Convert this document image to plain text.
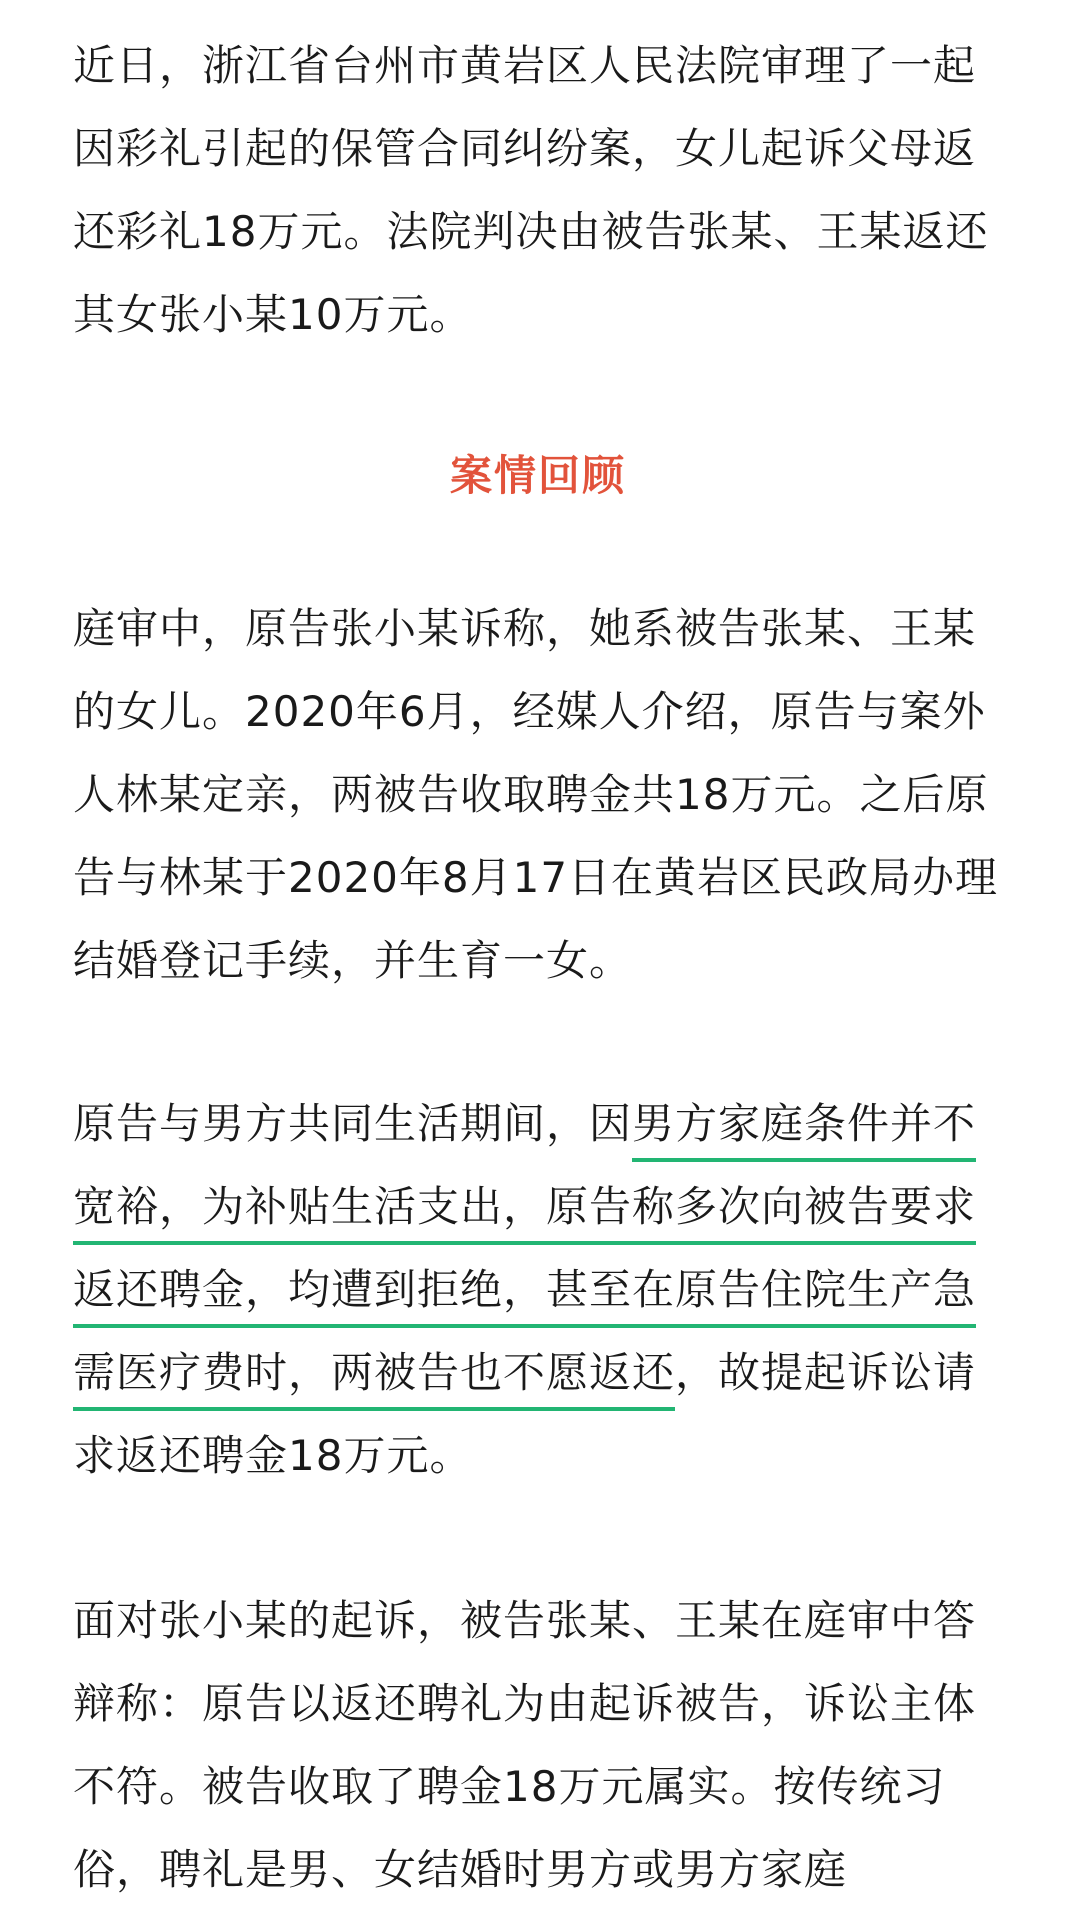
近日，浙江省台州市黄岩区人民法院审理了一起因彩礼引起的保管合同纠纷案，女儿起诉父母返还彩礼18万元。法院判决由被告张某、王某返还其女张小某10万元。

案情回顾

庭审中，原告张小某诉称，她系被告张某、王某的女儿。2020年6月，经媒人介绍，原告与案外人林某定亲，两被告收取聘金共18万元。之后原告与林某于2020年8月17日在黄岩区民政局办理结婚登记手续，并生育一女。

原告与男方共同生活期间，因男方家庭条件并不宽裕，为补贴生活支出，原告称多次向被告要求返还聘金，均遭到拒绝，甚至在原告住院生产急需医疗费时，两被告也不愿返还，故提起诉讼请求返还聘金18万元。

面对张小某的起诉，被告张某、王某在庭审中答辩称：原告以返还聘礼为由起诉被告，诉讼主体不符。被告收取了聘金18万元属实。按传统习俗，聘礼是男、女结婚时男方或男方家庭
